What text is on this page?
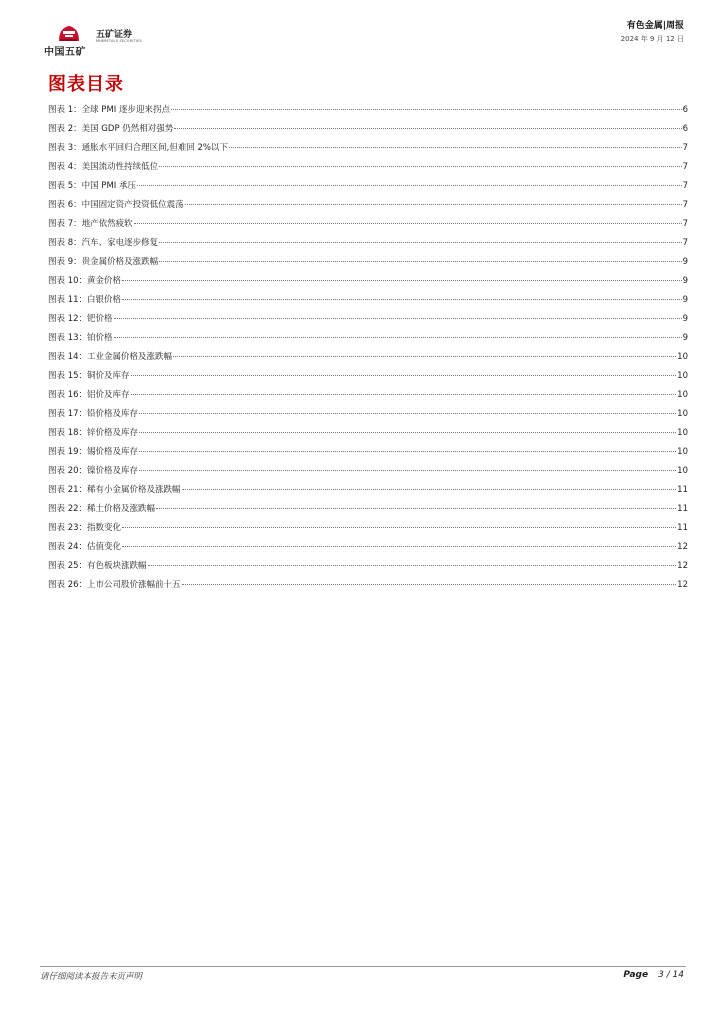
中国五矿
五矿证券
MINMETALS SECURITIES
有色金属|周报
2024 年 9 月 12 日
图表目录
图表 1：全球 PMI 逐步迎来拐点	6
图表 2：美国 GDP 仍然相对强势	6
图表 3：通胀水平回归合理区间,但难回 2%以下	7
图表 4：美国流动性持续低位	7
图表 5：中国 PMI 承压	7
图表 6：中国固定资产投资低位震荡	7
图表 7：地产依然疲软	7
图表 8：汽车、家电逐步修复	7
图表 9：贵金属价格及涨跌幅	9
图表 10：黄金价格	9
图表 11：白银价格	9
图表 12：钯价格	9
图表 13：铂价格	9
图表 14：工业金属价格及涨跌幅	10
图表 15：铜价及库存	10
图表 16：铝价及库存	10
图表 17：铅价格及库存	10
图表 18：锌价格及库存	10
图表 19：锡价格及库存	10
图表 20：镍价格及库存	10
图表 21：稀有小金属价格及涨跌幅	11
图表 22：稀土价格及涨跌幅	11
图表 23：指数变化	11
图表 24：估值变化	12
图表 25：有色板块涨跌幅	12
图表 26：上市公司股价涨幅前十五	12
请仔细阅读本报告末页声明	Page 3 / 14
